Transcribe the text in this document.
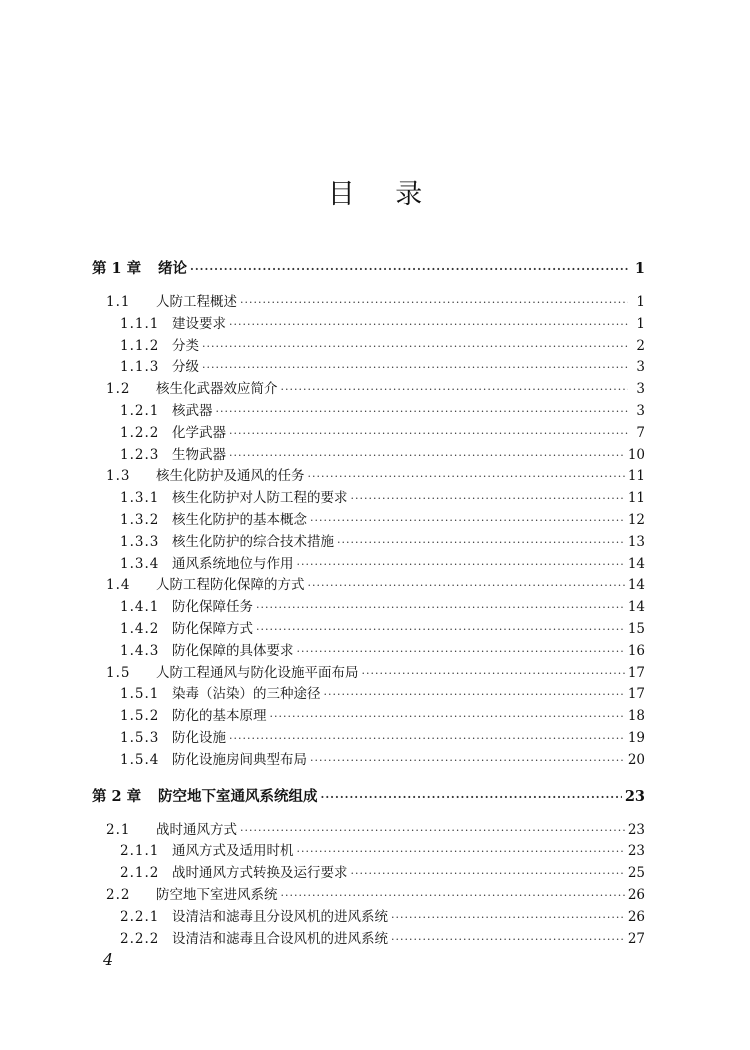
目 录
第 1 章	绪论 ·····	1
1.1	人防工程概述 ·····	1
1.1.1 建设要求 ·····	1
1.1.2 分类 ·····	2
1.1.3 分级 ·····	3
1.2	核生化武器效应简介 ·····	3
1.2.1 核武器 ·····	3
1.2.2 化学武器 ·····	7
1.2.3 生物武器 ·····	10
1.3	核生化防护及通风的任务 ·····	11
1.3.1 核生化防护对人防工程的要求 ·····	11
1.3.2 核生化防护的基本概念 ·····	12
1.3.3 核生化防护的综合技术措施 ·····	13
1.3.4 通风系统地位与作用 ·····	14
1.4	人防工程防化保障的方式 ·····	14
1.4.1 防化保障任务 ·····	14
1.4.2 防化保障方式 ·····	15
1.4.3 防化保障的具体要求 ·····	16
1.5	人防工程通风与防化设施平面布局 ·····	17
1.5.1 染毒（沾染）的三种途径 ·····	17
1.5.2 防化的基本原理 ·····	18
1.5.3 防化设施 ·····	19
1.5.4 防化设施房间典型布局 ·····	20
第 2 章	防空地下室通风系统组成 ·····	23
2.1	战时通风方式 ·····	23
2.1.1 通风方式及适用时机 ·····	23
2.1.2 战时通风方式转换及运行要求 ·····	25
2.2	防空地下室进风系统 ·····	26
2.2.1 设清洁和滤毒且分设风机的进风系统 ·····	26
2.2.2 设清洁和滤毒且合设风机的进风系统 ·····	27
4
